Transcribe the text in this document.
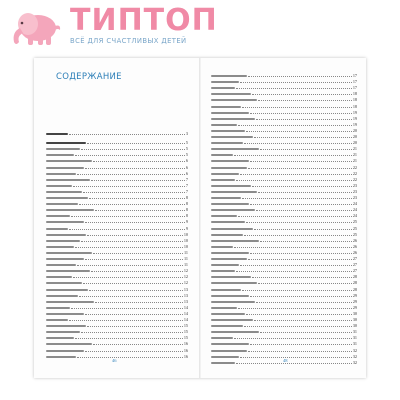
ТИПТОП
ВСЁ ДЛЯ СЧАСТЛИВЫХ ДЕТЕЙ
СОДЕРЖАНИЕ
3
5
5
5
6
6
6
7
7
7
8
8
8
8
9
9
10
10
10
11
11
11
12
12
12
13
13
13
14
14
14
15
15
15
16
16
16
46
17
17
17
18
18
18
19
19
19
20
20
20
21
21
21
22
22
22
23
23
23
24
24
24
25
25
25
26
26
26
27
27
27
28
28
28
29
29
29
30
30
30
31
31
31
32
32
32
48
